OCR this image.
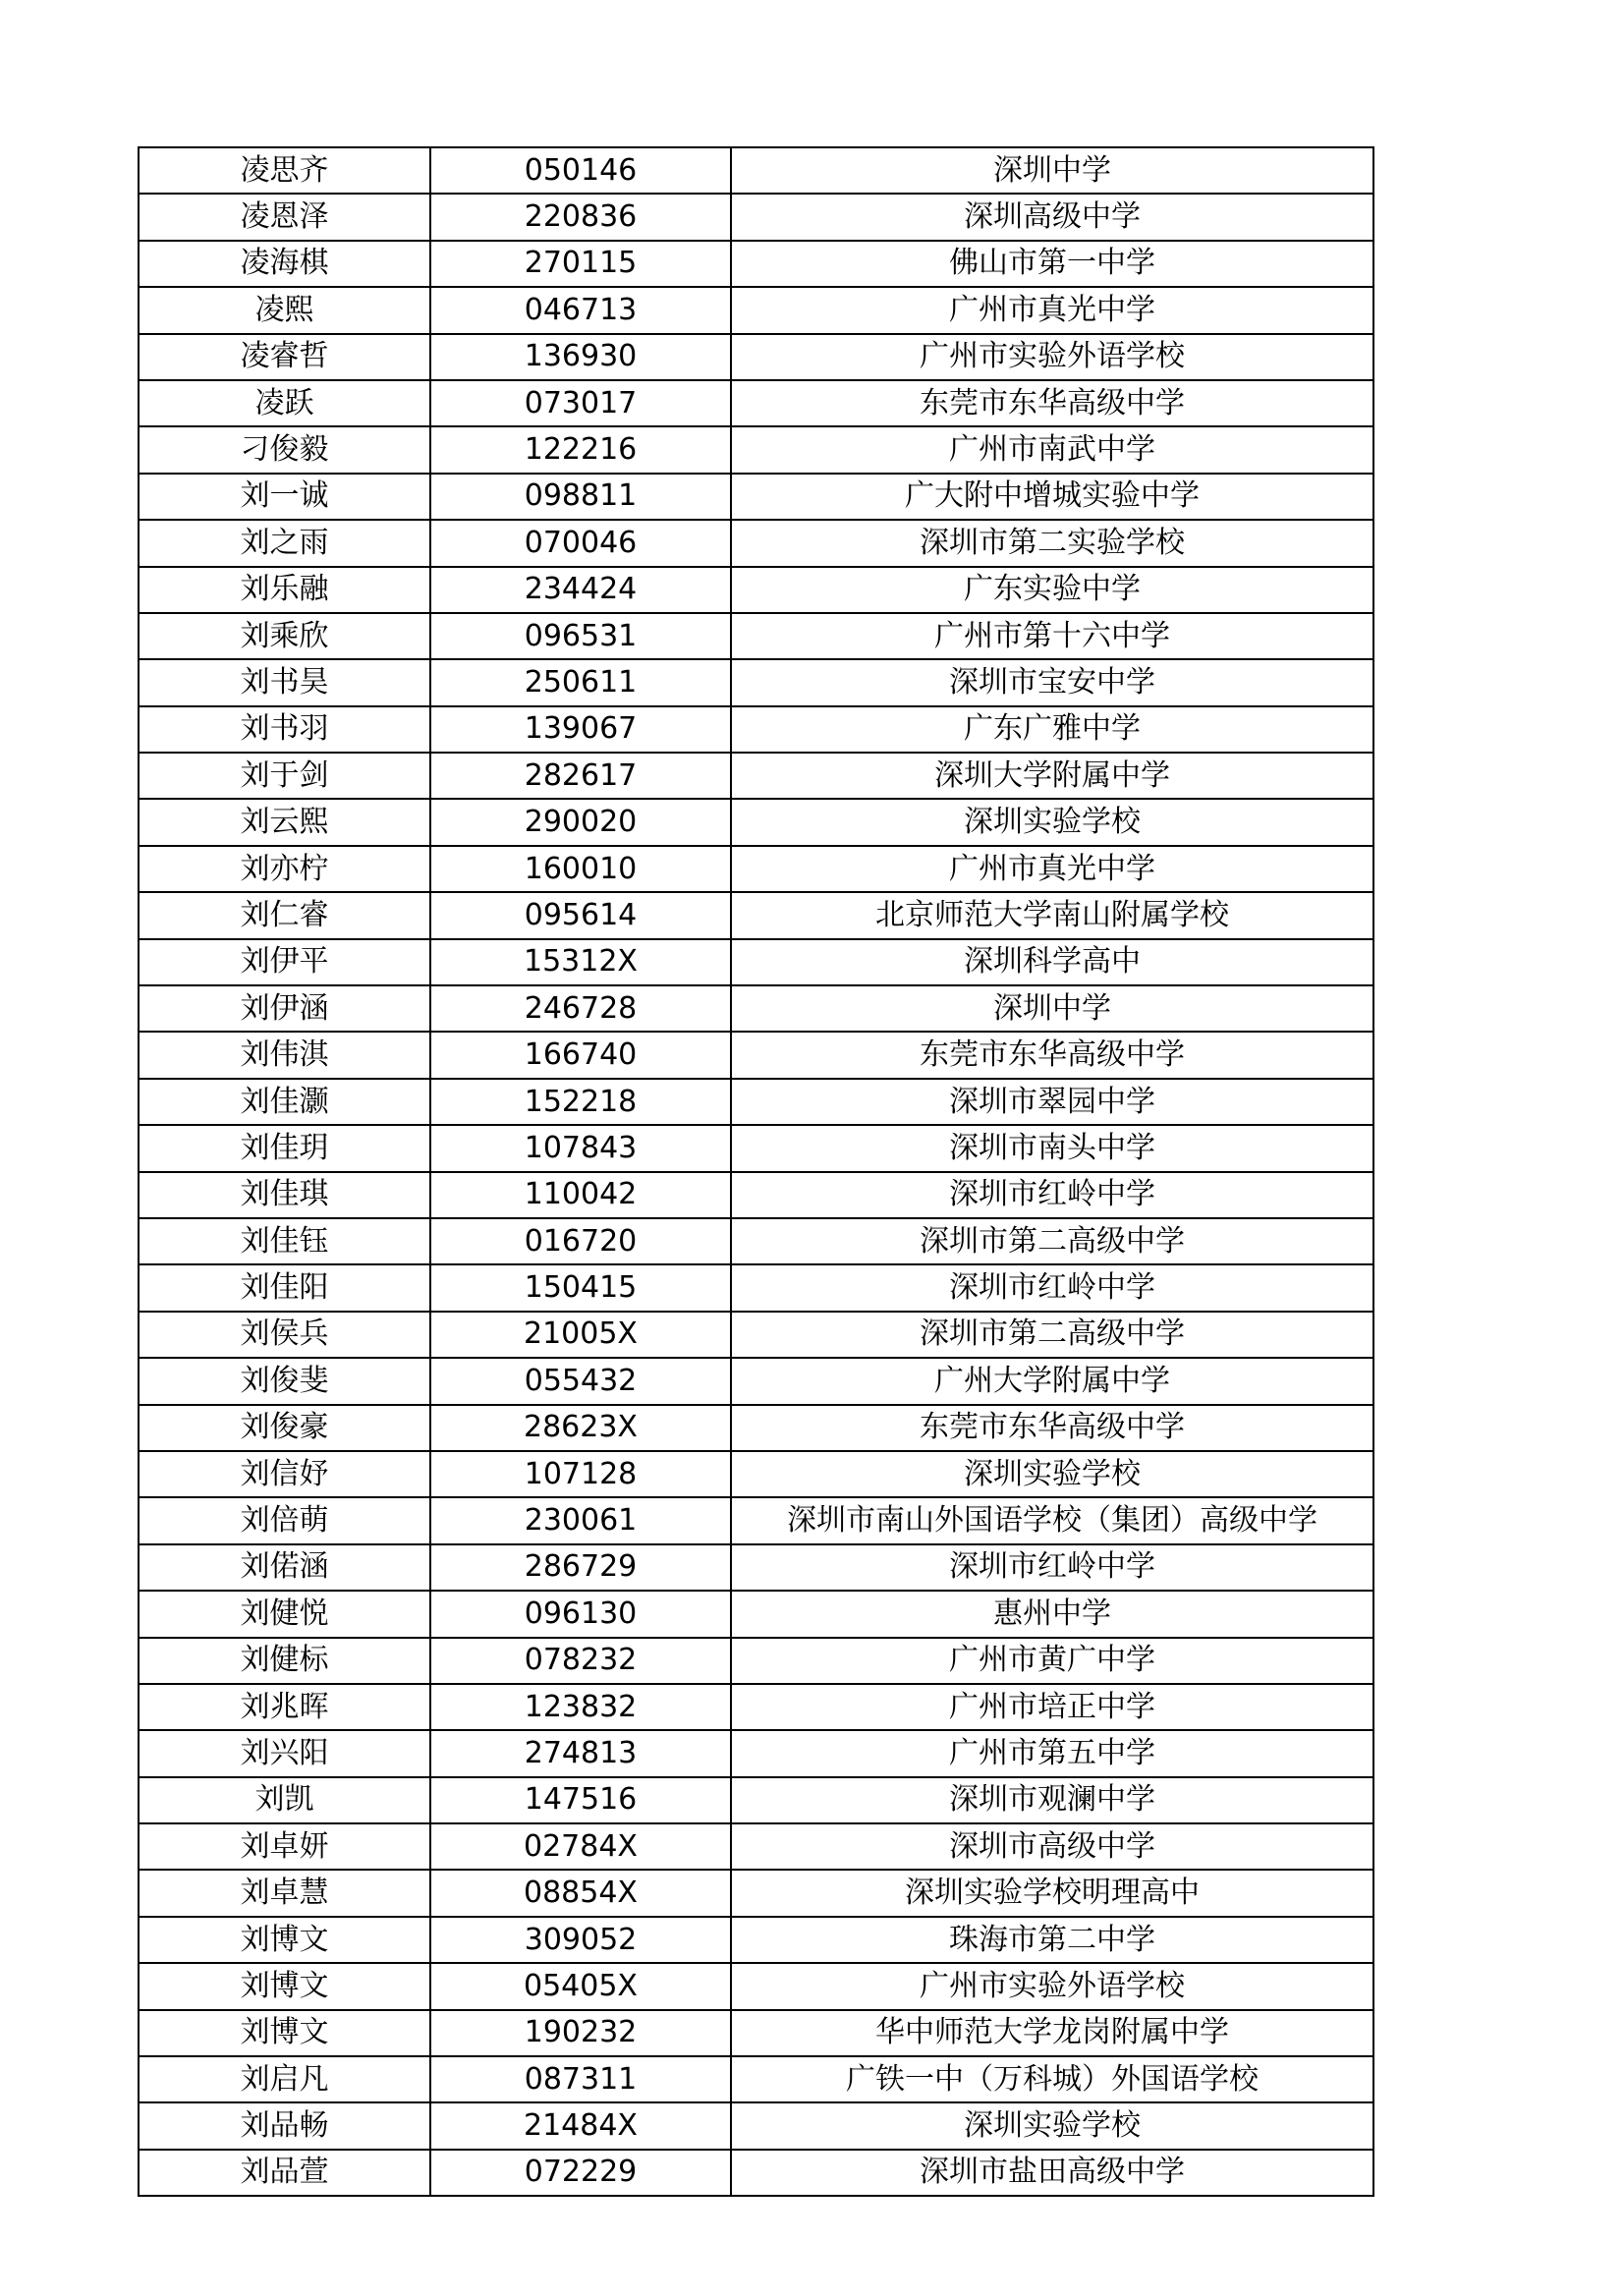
凌思齐	050146	深圳中学
凌恩泽	220836	深圳高级中学
凌海棋	270115	佛山市第一中学
凌熙	046713	广州市真光中学
凌睿哲	136930	广州市实验外语学校
凌跃	073017	东莞市东华高级中学
刁俊毅	122216	广州市南武中学
刘一诚	098811	广大附中增城实验中学
刘之雨	070046	深圳市第二实验学校
刘乐融	234424	广东实验中学
刘乘欣	096531	广州市第十六中学
刘书昊	250611	深圳市宝安中学
刘书羽	139067	广东广雅中学
刘于剑	282617	深圳大学附属中学
刘云熙	290020	深圳实验学校
刘亦柠	160010	广州市真光中学
刘仁睿	095614	北京师范大学南山附属学校
刘伊平	15312X	深圳科学高中
刘伊涵	246728	深圳中学
刘伟淇	166740	东莞市东华高级中学
刘佳灏	152218	深圳市翠园中学
刘佳玥	107843	深圳市南头中学
刘佳琪	110042	深圳市红岭中学
刘佳钰	016720	深圳市第二高级中学
刘佳阳	150415	深圳市红岭中学
刘侯兵	21005X	深圳市第二高级中学
刘俊斐	055432	广州大学附属中学
刘俊豪	28623X	东莞市东华高级中学
刘信妤	107128	深圳实验学校
刘倍萌	230061	深圳市南山外国语学校（集团）高级中学
刘偌涵	286729	深圳市红岭中学
刘健悦	096130	惠州中学
刘健标	078232	广州市黄广中学
刘兆晖	123832	广州市培正中学
刘兴阳	274813	广州市第五中学
刘凯	147516	深圳市观澜中学
刘卓妍	02784X	深圳市高级中学
刘卓慧	08854X	深圳实验学校明理高中
刘博文	309052	珠海市第二中学
刘博文	05405X	广州市实验外语学校
刘博文	190232	华中师范大学龙岗附属中学
刘启凡	087311	广铁一中（万科城）外国语学校
刘品畅	21484X	深圳实验学校
刘品萱	072229	深圳市盐田高级中学
